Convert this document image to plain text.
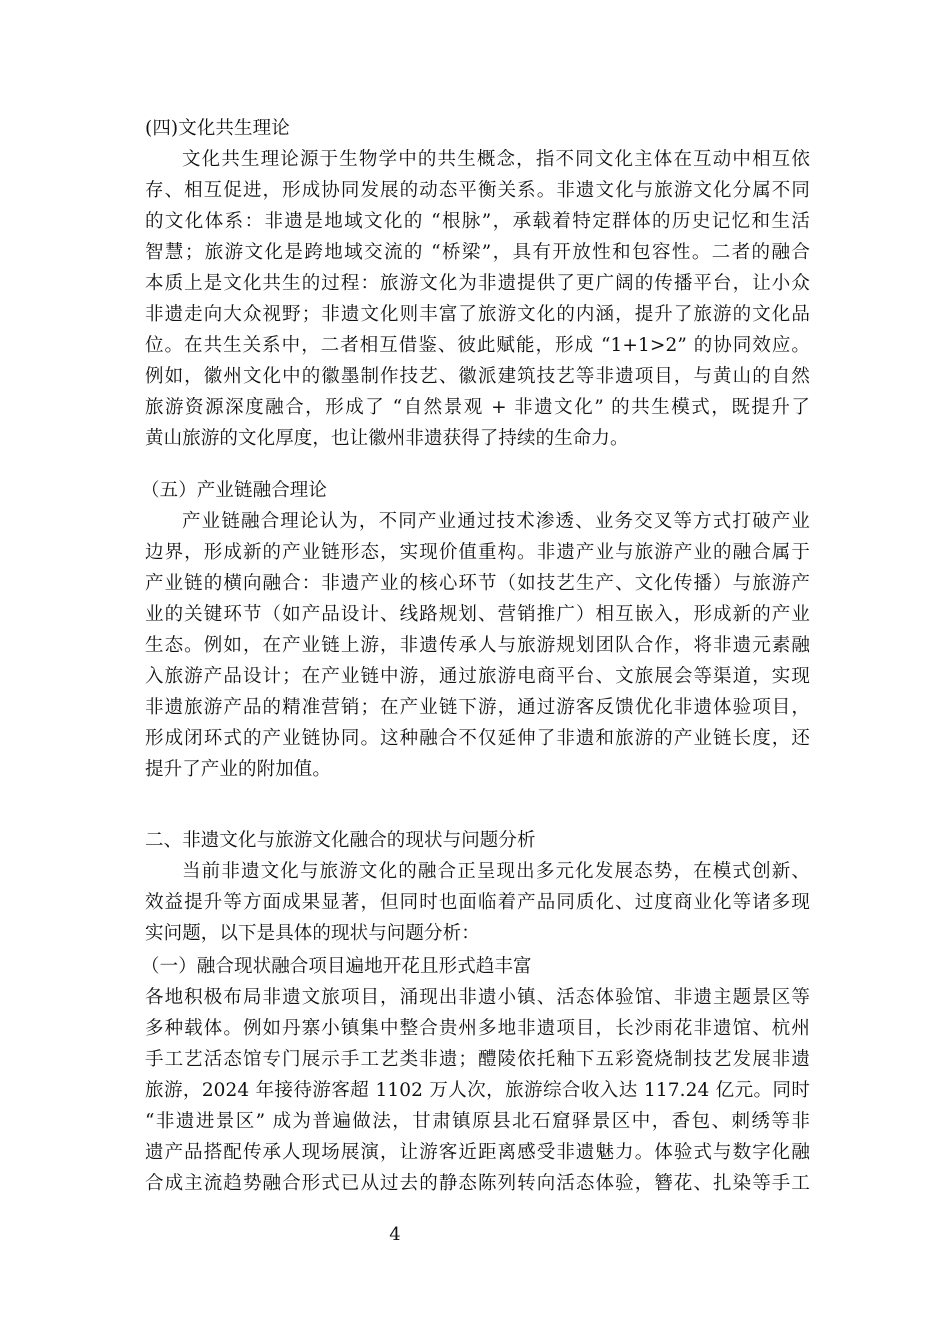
(四)文化共生理论
文化共生理论源于生物学中的共生概念，指不同文化主体在互动中相互依
存、相互促进，形成协同发展的动态平衡关系。非遗文化与旅游文化分属不同
的文化体系：非遗是地域文化的 “根脉”，承载着特定群体的历史记忆和生活
智慧；旅游文化是跨地域交流的 “桥梁”，具有开放性和包容性。二者的融合
本质上是文化共生的过程：旅游文化为非遗提供了更广阔的传播平台，让小众
非遗走向大众视野；非遗文化则丰富了旅游文化的内涵，提升了旅游的文化品
位。在共生关系中，二者相互借鉴、彼此赋能，形成 “1+1>2” 的协同效应。
例如，徽州文化中的徽墨制作技艺、徽派建筑技艺等非遗项目，与黄山的自然
旅游资源深度融合，形成了 “自然景观 + 非遗文化” 的共生模式，既提升了
黄山旅游的文化厚度，也让徽州非遗获得了持续的生命力。
（五）产业链融合理论
产业链融合理论认为，不同产业通过技术渗透、业务交叉等方式打破产业
边界，形成新的产业链形态，实现价值重构。非遗产业与旅游产业的融合属于
产业链的横向融合：非遗产业的核心环节（如技艺生产、文化传播）与旅游产
业的关键环节（如产品设计、线路规划、营销推广）相互嵌入，形成新的产业
生态。例如，在产业链上游，非遗传承人与旅游规划团队合作，将非遗元素融
入旅游产品设计；在产业链中游，通过旅游电商平台、文旅展会等渠道，实现
非遗旅游产品的精准营销；在产业链下游，通过游客反馈优化非遗体验项目，
形成闭环式的产业链协同。这种融合不仅延伸了非遗和旅游的产业链长度，还
提升了产业的附加值。
二、非遗文化与旅游文化融合的现状与问题分析
当前非遗文化与旅游文化的融合正呈现出多元化发展态势，在模式创新、
效益提升等方面成果显著，但同时也面临着产品同质化、过度商业化等诸多现
实问题，以下是具体的现状与问题分析：
（一）融合现状融合项目遍地开花且形式趋丰富
各地积极布局非遗文旅项目，涌现出非遗小镇、活态体验馆、非遗主题景区等
多种载体。例如丹寨小镇集中整合贵州多地非遗项目，长沙雨花非遗馆、杭州
手工艺活态馆专门展示手工艺类非遗；醴陵依托釉下五彩瓷烧制技艺发展非遗
旅游，2024 年接待游客超 1102 万人次，旅游综合收入达 117.24 亿元。同时
“非遗进景区” 成为普遍做法，甘肃镇原县北石窟驿景区中，香包、刺绣等非
遗产品搭配传承人现场展演，让游客近距离感受非遗魅力。体验式与数字化融
合成主流趋势融合形式已从过去的静态陈列转向活态体验，簪花、扎染等手工
4
